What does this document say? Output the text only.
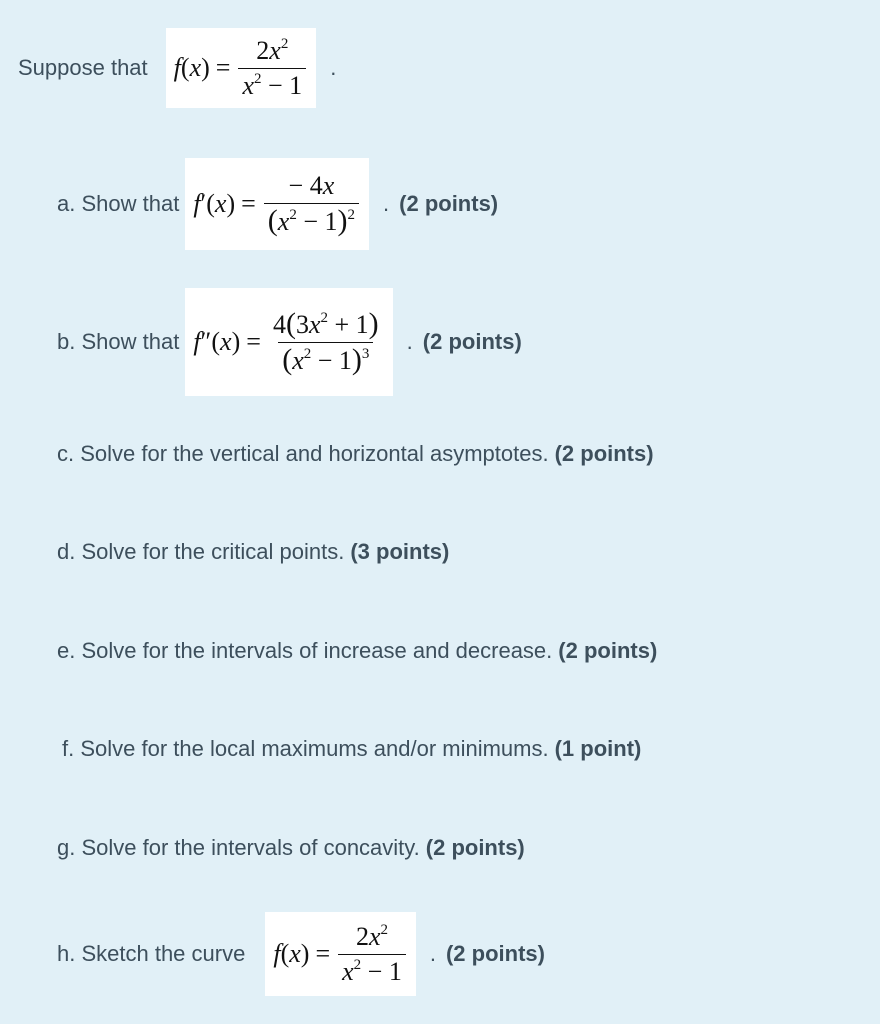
Suppose that f ( x ) = $\frac{2x^2}{x^2 - 1}$ .
a. Show that f ′( x ) = $\frac{- 4x}{(x^2 - 1)^2}$ . (2 points)
b. Show that f ″( x ) = $\frac{4(3x^2 + 1)}{(x^2 - 1)^3}$ . (2 points)
c. Solve for the vertical and horizontal asymptotes. (2 points)
d. Solve for the critical points. (3 points)
e. Solve for the intervals of increase and decrease. (2 points)
f. Solve for the local maximums and/or minimums. (1 point)
g. Solve for the intervals of concavity. (2 points)
h. Sketch the curve f ( x ) = $\frac{2x^2}{x^2 - 1}$ . (2 points)
